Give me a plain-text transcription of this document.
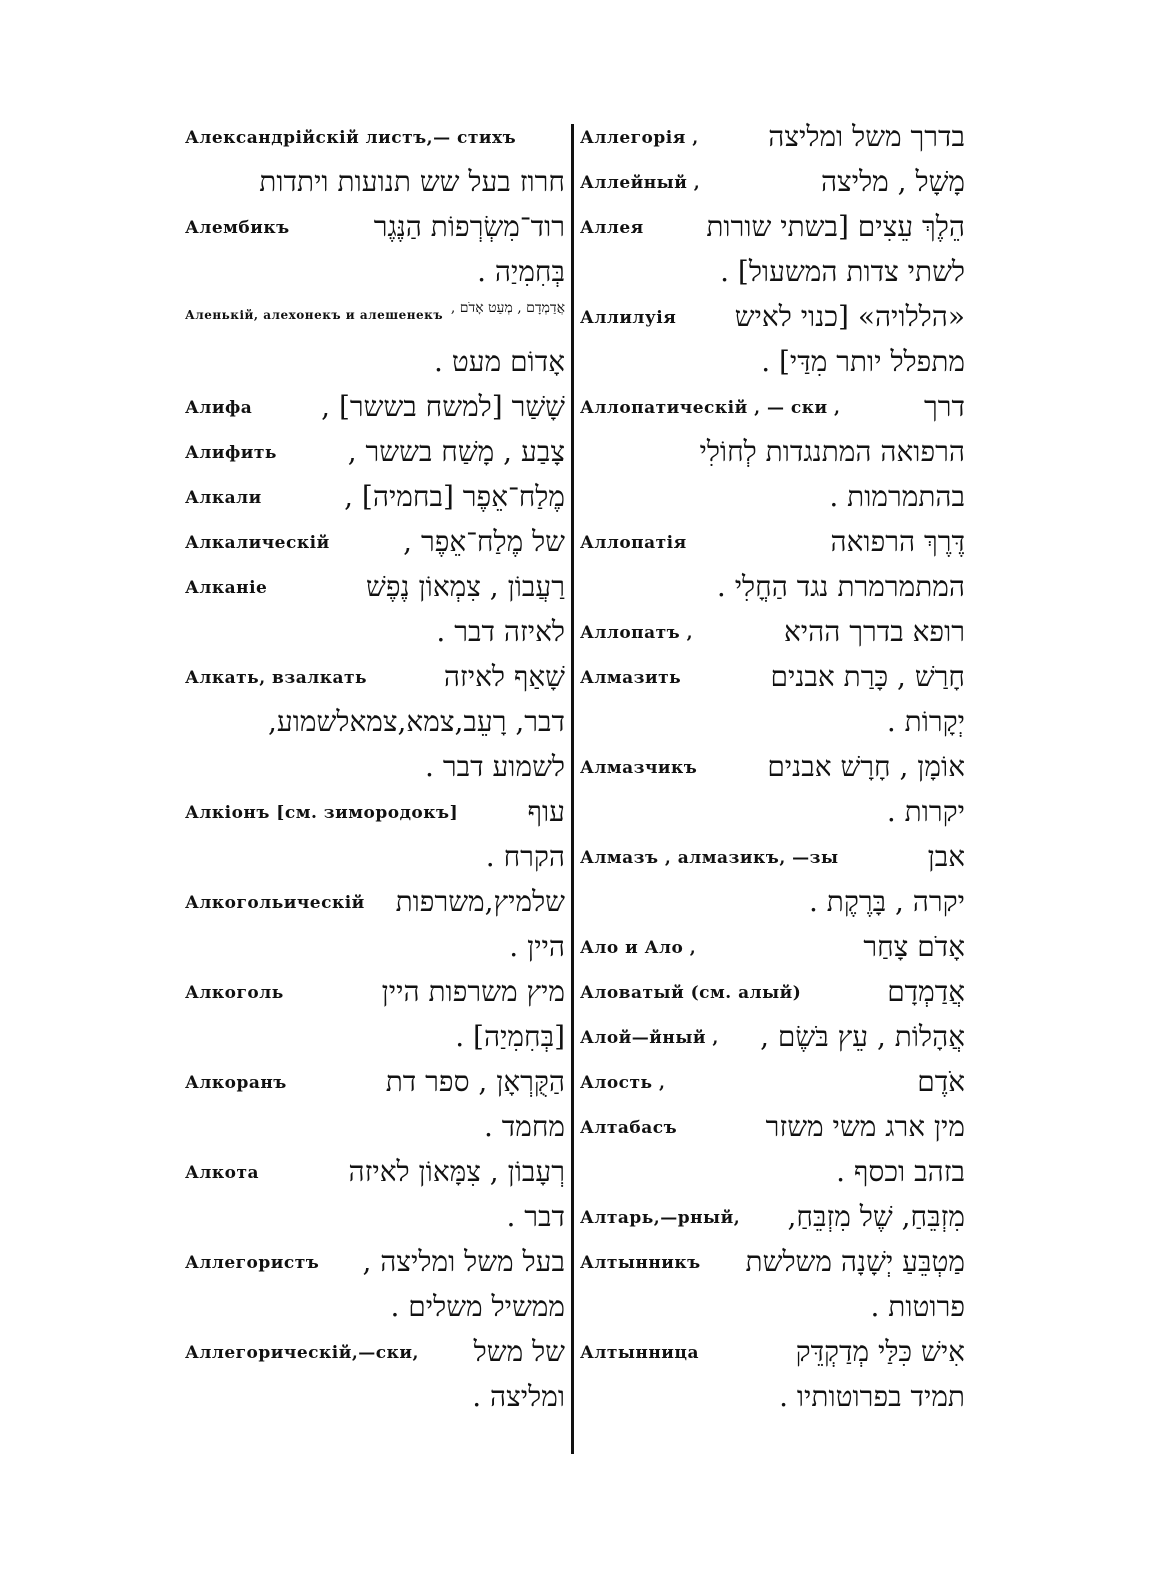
Александрійскій листъ,— стихъ
חרוז בעל שש תנועות ויתדות
Алембикъ	רוד־מִשְׂרְפוֹת הַנֶּגֶר
בְּחִמִיַה .
Аленькій, алехонекъ и алешенекъ אֲדַמְדָם , מְעַט אָדֹם ,
אָדוֹם מעט .
Алифа שָׁשַׁר [למשח בששר] ,
Алифить	צָבַע , מָשַׁח בששר ,
Алкали	מֶלַח־אֵפֶר [בחמיה] ,
Алкалическій	של מֶלַח־אֵפֶר ,
Алканіе	רַעֲבוֹן , צִמְאוֹן נֶפֶשׁ
לאיזה דבר .
Алкать, взалкать	שָׁאַף לאיזה
דבר, רָעֵב,צמא,צמאלשמוע,
לשמוע דבר .
Алкіонъ [см. зимородокъ] עוף
הקרח .
Алкогольическій שלמיץ,משרפות
היין .
Алкоголь	מיץ משרפות היין
[בְּחִמִיַה] .
Алкоранъ	הַקֻּרְאָן , ספר דת
מחמד .
Алкота	רְעָבוֹן , צִמָּאוֹן לאיזה
דבר .
Аллегористъ בעל משל ומליצה ,
ממשיל משלים .
Аллегорическій,—ски, של משל
ומליצה .
Аллегорія , בדרך משל ומליצה
Аллейный ,	מָשָׁל , מליצה
Аллея הֵלֶךְ עֵצִים [בשתי שורות
לשתי צדות המשעול] .
Аллилуія «הללויה» [כנוי לאיש
מתפלל יותר מִדַּי] .
Аллопатическій , — ски ,	דרך
הרפואה המתנגדות לְחוֹלִי
בהתמרמות .
Аллопатія	דֶּרֶךְ הרפואה
המתמרמרת נגד הַחֳלִי .
Аллопатъ ,	רופא בדרך ההיא
Алмазить	חָרַשׁ , כָּרַת אבנים
יְקָרוֹת .
Алмазчикъ אוֹמָן , חָרָשׁ אבנים
יקרות .
Алмазъ , алмазикъ, —зы	אבן
יקרה , בָּרֶקֶת .
Ало и Ало ,	אָדֹם צָחַר
Аловатый (см. алый)	אֲדַמְדָם
Алой—йный , אֲהָלוֹת , עֵץ בֹּשֶׂם ,
Алость ,	אֹדֶם
Алтабасъ	מין ארג משי משזר
בזהב וכסף .
Алтарь,—рный, מִזְבֵּחַ, שֶׁל מִזְבֵּחַ,
Алтынникъ מַטְבֵּעַ יְשָׁנָה משלשת
פרוטות .
Алтынница	אִישׁ כִּלַּי מְדַקְדֵּק
תמיד בפרוטותיו .
